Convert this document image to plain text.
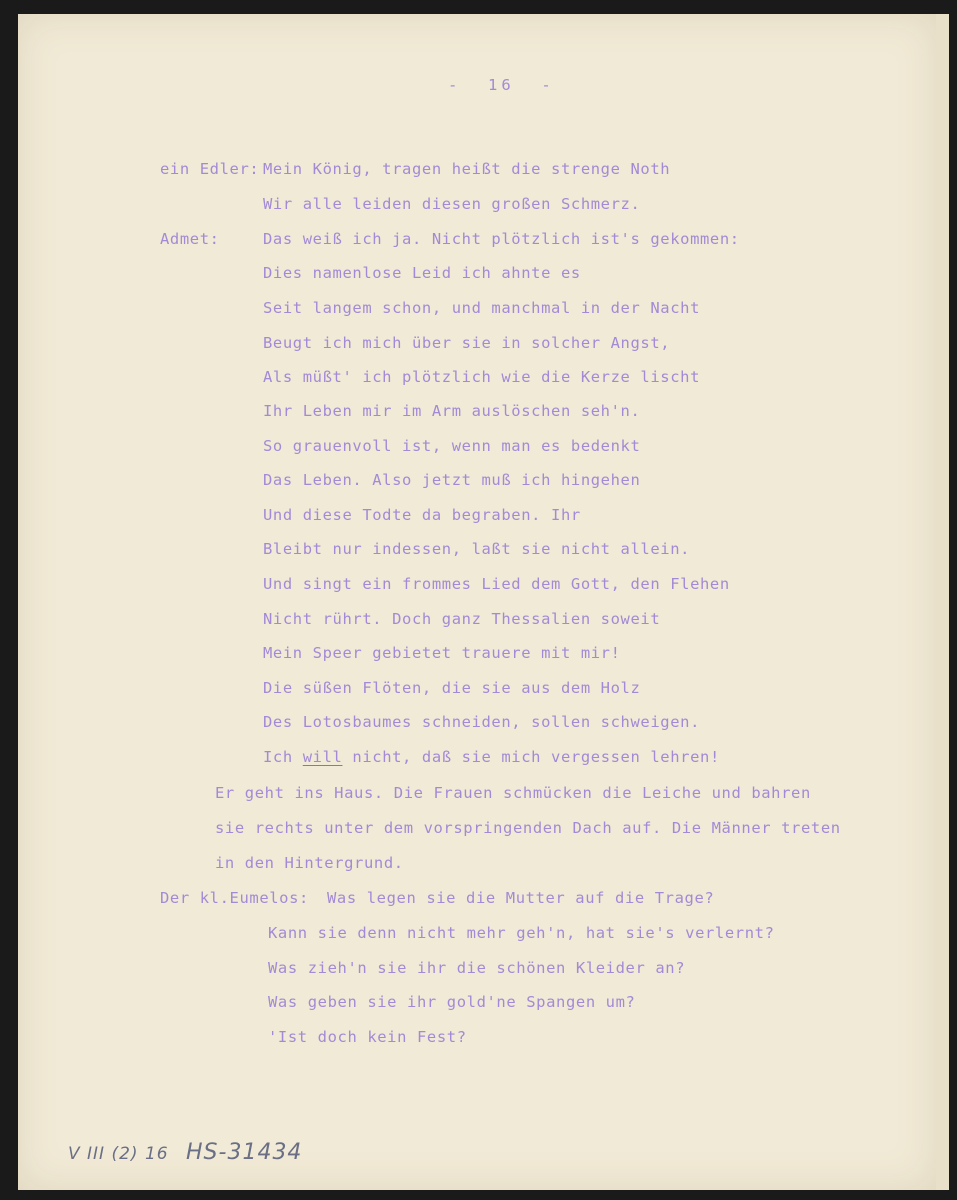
-  16  -
ein Edler: Mein König, tragen heißt die strenge Noth
Wir alle leiden diesen großen Schmerz.
Admet:	Das weiß ich ja. Nicht plötzlich ist's gekommen:
Dies namenlose Leid ich ahnte es
Seit langem schon, und manchmal in der Nacht
Beugt ich mich über sie in solcher Angst,
Als müßt' ich plötzlich wie die Kerze lischt
Ihr Leben mir im Arm auslöschen seh'n.
So grauenvoll ist, wenn man es bedenkt
Das Leben. Also jetzt muß ich hingehen
Und diese Todte da begraben. Ihr
Bleibt nur indessen, laßt sie nicht allein.
Und singt ein frommes Lied dem Gott, den Flehen
Nicht rührt. Doch ganz Thessalien soweit
Mein Speer gebietet trauere mit mir!
Die süßen Flöten, die sie aus dem Holz
Des Lotosbaumes schneiden, sollen schweigen.
Ich will nicht, daß sie mich vergessen lehren!
Er geht ins Haus. Die Frauen schmücken die Leiche und bahren
sie rechts unter dem vorspringenden Dach auf. Die Männer treten
in den Hintergrund.
Der kl.Eumelos: Was legen sie die Mutter auf die Trage?
Kann sie denn nicht mehr geh'n, hat sie's verlernt?
Was zieh'n sie ihr die schönen Kleider an?
Was geben sie ihr gold'ne Spangen um?
'Ist doch kein Fest?
V III (2) 16 HS-31434
